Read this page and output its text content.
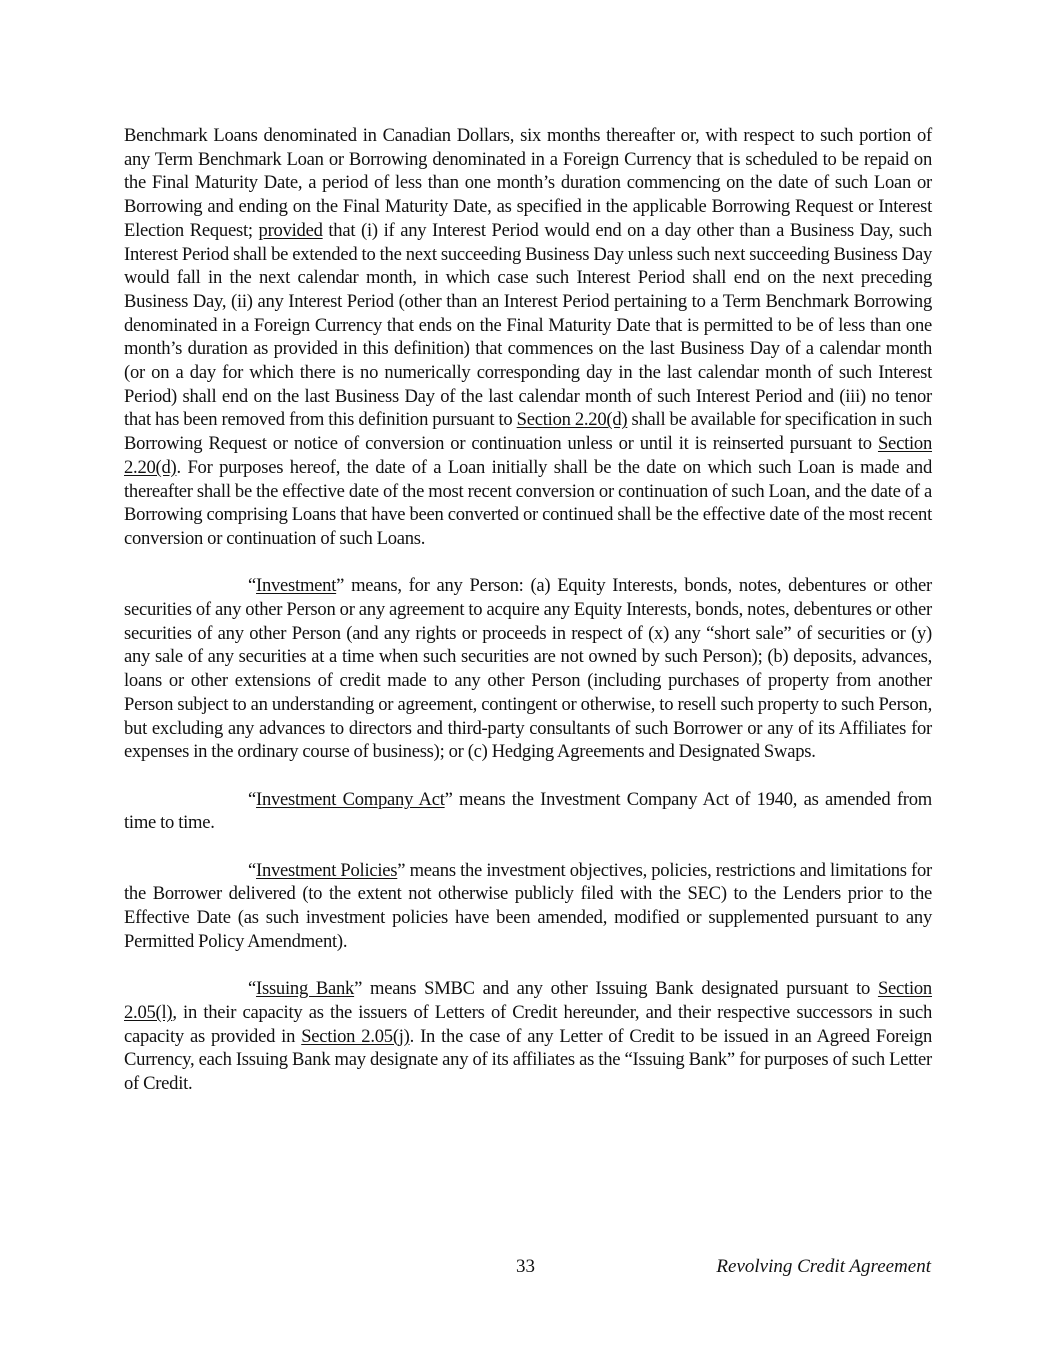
Benchmark Loans denominated in Canadian Dollars, six months thereafter or, with respect to such portion of any Term Benchmark Loan or Borrowing denominated in a Foreign Currency that is scheduled to be repaid on the Final Maturity Date, a period of less than one month’s duration commencing on the date of such Loan or Borrowing and ending on the Final Maturity Date, as specified in the applicable Borrowing Request or Interest Election Request; provided that (i) if any Interest Period would end on a day other than a Business Day, such Interest Period shall be extended to the next succeeding Business Day unless such next succeeding Business Day would fall in the next calendar month, in which case such Interest Period shall end on the next preceding Business Day, (ii) any Interest Period (other than an Interest Period pertaining to a Term Benchmark Borrowing denominated in a Foreign Currency that ends on the Final Maturity Date that is permitted to be of less than one month’s duration as provided in this definition) that commences on the last Business Day of a calendar month (or on a day for which there is no numerically corresponding day in the last calendar month of such Interest Period) shall end on the last Business Day of the last calendar month of such Interest Period and (iii) no tenor that has been removed from this definition pursuant to Section 2.20(d) shall be available for specification in such Borrowing Request or notice of conversion or continuation unless or until it is reinserted pursuant to Section 2.20(d). For purposes hereof, the date of a Loan initially shall be the date on which such Loan is made and thereafter shall be the effective date of the most recent conversion or continuation of such Loan, and the date of a Borrowing comprising Loans that have been converted or continued shall be the effective date of the most recent conversion or continuation of such Loans.

“Investment” means, for any Person: (a) Equity Interests, bonds, notes, debentures or other securities of any other Person or any agreement to acquire any Equity Interests, bonds, notes, debentures or other securities of any other Person (and any rights or proceeds in respect of (x) any “short sale” of securities or (y) any sale of any securities at a time when such securities are not owned by such Person); (b) deposits, advances, loans or other extensions of credit made to any other Person (including purchases of property from another Person subject to an understanding or agreement, contingent or otherwise, to resell such property to such Person, but excluding any advances to directors and third-party consultants of such Borrower or any of its Affiliates for expenses in the ordinary course of business); or (c) Hedging Agreements and Designated Swaps.

“Investment Company Act” means the Investment Company Act of 1940, as amended from time to time.

“Investment Policies” means the investment objectives, policies, restrictions and limitations for the Borrower delivered (to the extent not otherwise publicly filed with the SEC) to the Lenders prior to the Effective Date (as such investment policies have been amended, modified or supplemented pursuant to any Permitted Policy Amendment).

“Issuing Bank” means SMBC and any other Issuing Bank designated pursuant to Section 2.05(l), in their capacity as the issuers of Letters of Credit hereunder, and their respective successors in such capacity as provided in Section 2.05(j). In the case of any Letter of Credit to be issued in an Agreed Foreign Currency, each Issuing Bank may designate any of its affiliates as the “Issuing Bank” for purposes of such Letter of Credit.

33	Revolving Credit Agreement
